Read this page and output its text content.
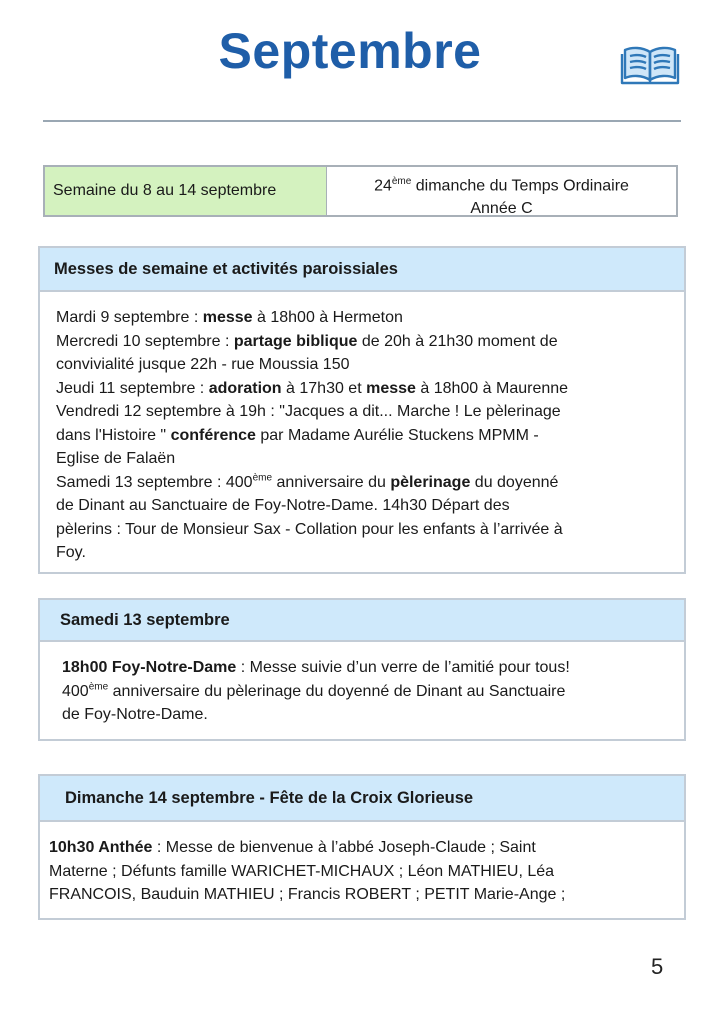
Septembre
Semaine du 8 au 14 septembre	24ème dimanche du Temps Ordinaire
Année C
Messes de semaine et activités paroissiales
Mardi 9 septembre : messe à 18h00 à Hermeton
Mercredi 10 septembre : partage biblique de 20h à 21h30 moment de
convivialité jusque 22h - rue Moussia 150
Jeudi 11 septembre : adoration à 17h30 et messe à 18h00 à Maurenne
Vendredi 12 septembre à 19h : "Jacques a dit... Marche ! Le pèlerinage
dans l'Histoire " conférence par Madame Aurélie Stuckens MPMM -
Eglise de Falaën
Samedi 13 septembre : 400ème anniversaire du pèlerinage du doyenné
de Dinant au Sanctuaire de Foy-Notre-Dame. 14h30 Départ des
pèlerins : Tour de Monsieur Sax - Collation pour les enfants à l’arrivée à
Foy.
Samedi 13 septembre
18h00 Foy-Notre-Dame : Messe suivie d’un verre de l’amitié pour tous!
400ème anniversaire du pèlerinage du doyenné de Dinant au Sanctuaire
de Foy-Notre-Dame.
Dimanche 14 septembre - Fête de la Croix Glorieuse
10h30 Anthée : Messe de bienvenue à l’abbé Joseph-Claude ; Saint
Materne ; Défunts famille WARICHET-MICHAUX ; Léon MATHIEU, Léa
FRANCOIS, Bauduin MATHIEU ; Francis ROBERT ; PETIT Marie-Ange ;
5
